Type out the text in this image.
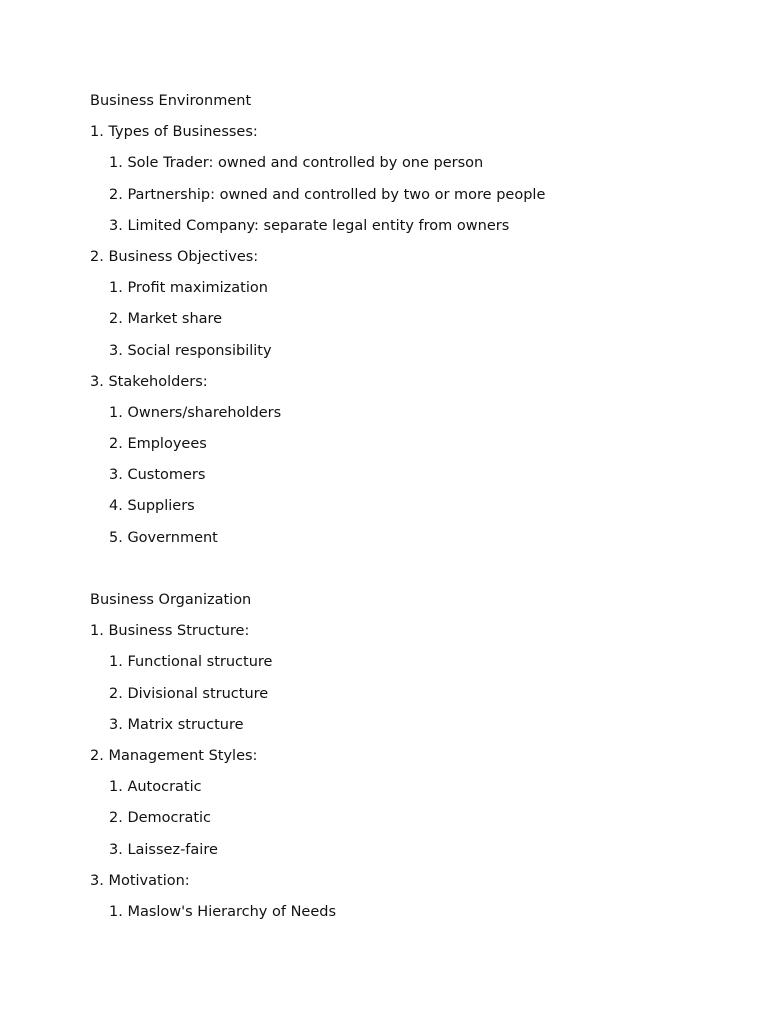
Business Environment
1. Types of Businesses:
1. Sole Trader: owned and controlled by one person
2. Partnership: owned and controlled by two or more people
3. Limited Company: separate legal entity from owners
2. Business Objectives:
1. Profit maximization
2. Market share
3. Social responsibility
3. Stakeholders:
1. Owners/shareholders
2. Employees
3. Customers
4. Suppliers
5. Government
Business Organization
1. Business Structure:
1. Functional structure
2. Divisional structure
3. Matrix structure
2. Management Styles:
1. Autocratic
2. Democratic
3. Laissez-faire
3. Motivation:
1. Maslow's Hierarchy of Needs
